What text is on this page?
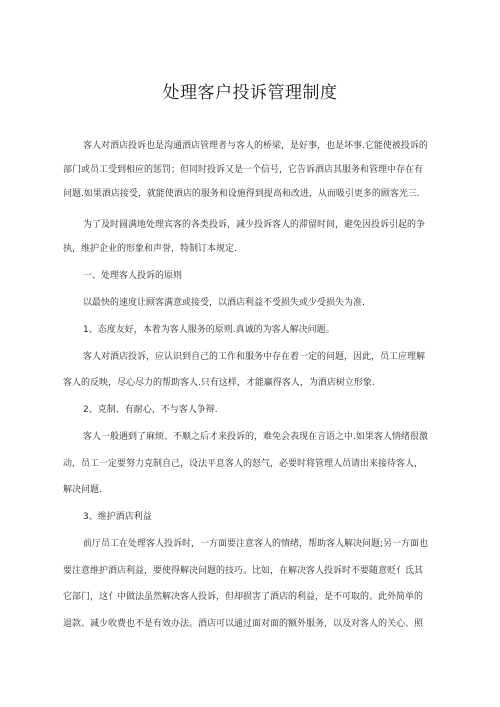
处理客户投诉管理制度
客人对酒店投诉也是沟通酒店管理者与客人的桥梁，是好事，也是坏事.它能使被投诉的
部门或员工受到相应的惩罚；但同时投诉又是一个信号，它告诉酒店其服务和管理中存在有
问题.如果酒店接受，就能使酒店的服务和设施得到提高和改进，从而吸引更多的顾客光三.
为了及时圆满地处理宾客的各类投诉，减少投诉客人的滞留时间，避免因投诉引起的争
执，维护企业的形象和声誉，特制订本规定.
一、处理客人投诉的原则
以最快的速度让顾客满意或接受，以酒店利益不受损失或少受损失为准.
1、态度友好，本着为客人服务的原则.真诚的为客人解决问题。
客人对酒店投诉，应认识到自己的工作和服务中存在着一定的问题，因此，员工应理解
客人的反映，尽心尽力的帮助客人.只有这样，才能赢得客人，为酒店树立形象.
2、克制、有耐心，不与客人争辩.
客人一般遇到了麻烦、不顺之后才来投诉的，难免会表现在言语之中.如果客人情绪很激
动，员工一定要努力克制自己，设法平息客人的怒气，必要时将管理人员请出来接待客人，
解决问题.
3、维护酒店利益
前厅员工在处理客人投诉时，一方面要注意客人的情绪，帮助客人解决问题;另一方面也
要注意维护酒店利益，要使得解决问题的技巧。比如，在解决客人投诉时不要随意贬亻氐其
它部门，这亻中做法虽然解决客人投诉，但却损害了酒店的利益，是不可取的。此外简单的
退款、减少收费也不是有效办法。酒店可以通过面对面的额外服务，以及对客人的关心、照
